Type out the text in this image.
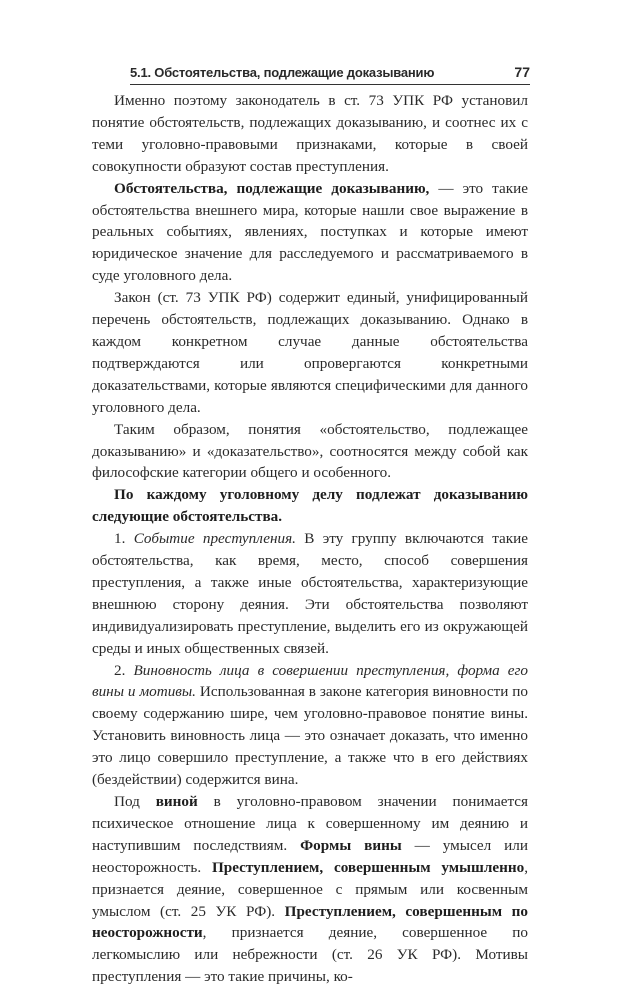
5.1. Обстоятельства, подлежащие доказыванию	77

Именно поэтому законодатель в ст. 73 УПК РФ установил понятие обстоятельств, подлежащих доказыванию, и соотнес их с теми уголовно-правовыми признаками, которые в своей совокупности образуют состав преступления.

Обстоятельства, подлежащие доказыванию, — это такие обстоятельства внешнего мира, которые нашли свое выражение в реальных событиях, явлениях, поступках и которые имеют юридическое значение для расследуемого и рассматриваемого в суде уголовного дела.

Закон (ст. 73 УПК РФ) содержит единый, унифицированный перечень обстоятельств, подлежащих доказыванию. Однако в каждом конкретном случае данные обстоятельства подтверждаются или опровергаются конкретными доказательствами, которые являются специфическими для данного уголовного дела.

Таким образом, понятия «обстоятельство, подлежащее доказыванию» и «доказательство», соотносятся между собой как философские категории общего и особенного.

По каждому уголовному делу подлежат доказыванию следующие обстоятельства.

1. Событие преступления. В эту группу включаются такие обстоятельства, как время, место, способ совершения преступления, а также иные обстоятельства, характеризующие внешнюю сторону деяния. Эти обстоятельства позволяют индивидуализировать преступление, выделить его из окружающей среды и иных общественных связей.

2. Виновность лица в совершении преступления, форма его вины и мотивы. Использованная в законе категория виновности по своему содержанию шире, чем уголовно-правовое понятие вины. Установить виновность лица — это означает доказать, что именно это лицо совершило преступление, а также что в его действиях (бездействии) содержится вина.

Под виной в уголовно-правовом значении понимается психическое отношение лица к совершенному им деянию и наступившим последствиям. Формы вины — умысел или неосторожность. Преступлением, совершенным умышленно, признается деяние, совершенное с прямым или косвенным умыслом (ст. 25 УК РФ). Преступлением, совершенным по неосторожности, признается деяние, совершенное по легкомыслию или небрежности (ст. 26 УК РФ). Мотивы преступления — это такие причины, ко-
